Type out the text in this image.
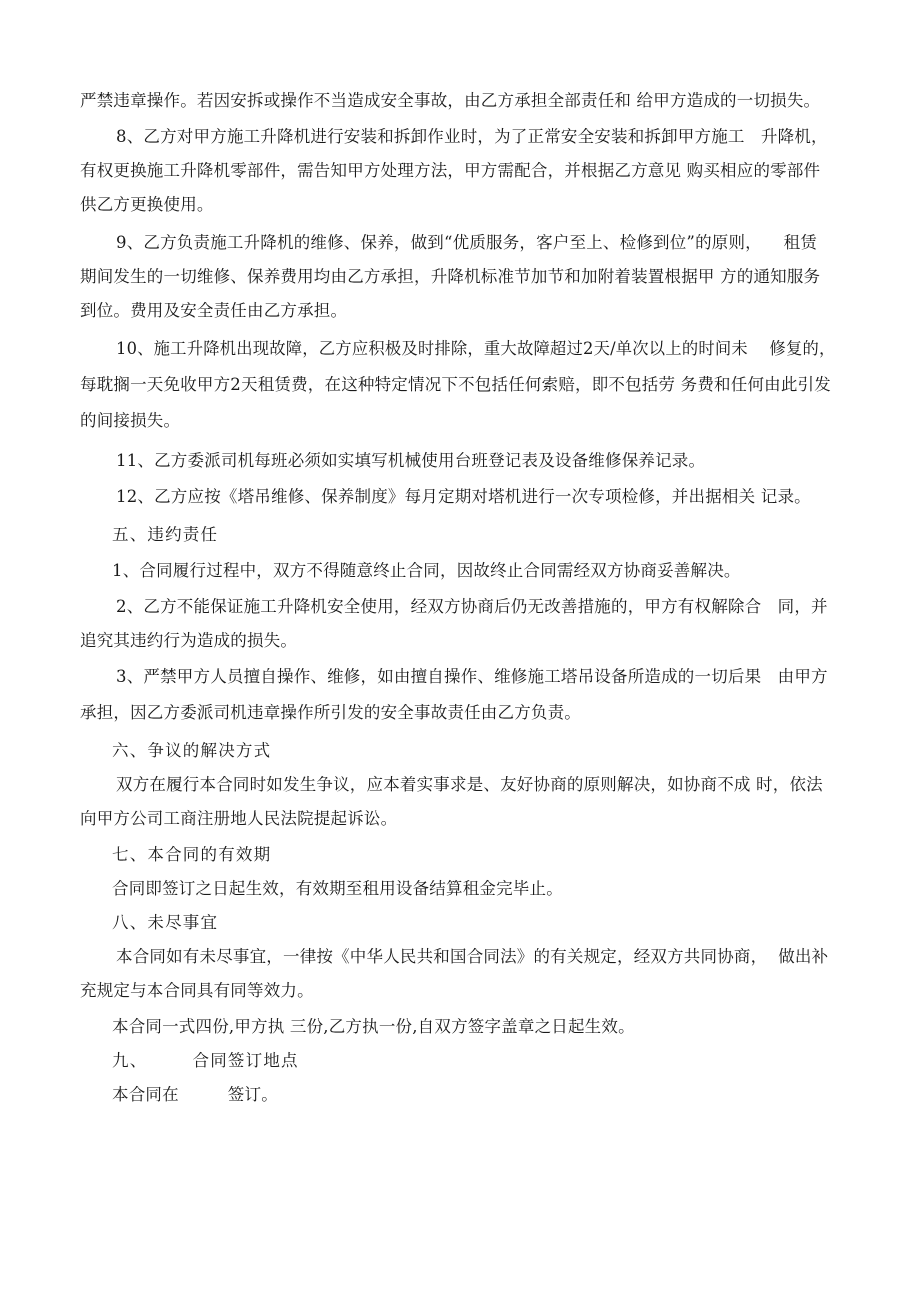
严禁违章操作。若因安拆或操作不当造成安全事故，由乙方承担全部责任和 给甲方造成的一切损失。
8、乙方对甲方施工升降机进行安装和拆卸作业时，为了正常安全安装和拆卸甲方施工   升降机，
有权更换施工升降机零部件，需告知甲方处理方法，甲方需配合，并根据乙方意见 购买相应的零部件
供乙方更换使用。
9、乙方负责施工升降机的维修、保养，做到“优质服务，客户至上、检修到位”的原则，    租赁
期间发生的一切维修、保养费用均由乙方承担，升降机标准节加节和加附着装置根据甲 方的通知服务
到位。费用及安全责任由乙方承担。
10、施工升降机出现故障，乙方应积极及时排除，重大故障超过2天/单次以上的时间未    修复的，
每耽搁一天免收甲方2天租赁费，在这种特定情况下不包括任何索赔，即不包括劳 务费和任何由此引发
的间接损失。
11、乙方委派司机每班必须如实填写机械使用台班登记表及设备维修保养记录。
12、乙方应按《塔吊维修、保养制度》每月定期对塔机进行一次专项检修，并出据相关 记录。
五、违约责任
1、合同履行过程中，双方不得随意终止合同，因故终止合同需经双方协商妥善解决。
2、乙方不能保证施工升降机安全使用，经双方协商后仍无改善措施的，甲方有权解除合   同，并
追究其违约行为造成的损失。
3、严禁甲方人员擅自操作、维修，如由擅自操作、维修施工塔吊设备所造成的一切后果   由甲方
承担，因乙方委派司机违章操作所引发的安全事故责任由乙方负责。
六、争议的解决方式
双方在履行本合同时如发生争议，应本着实事求是、友好协商的原则解决，如协商不成 时，依法
向甲方公司工商注册地人民法院提起诉讼。
七、本合同的有效期
合同即签订之日起生效，有效期至租用设备结算租金完毕止。
八、未尽事宜
本合同如有未尽事宜，一律按《中华人民共和国合同法》的有关规定，经双方共同协商，  做出补
充规定与本合同具有同等效力。
本合同一式四份,甲方执 三份,乙方执一份,自双方签字盖章之日起生效。
九、       合同签订地点
本合同在         签订。
